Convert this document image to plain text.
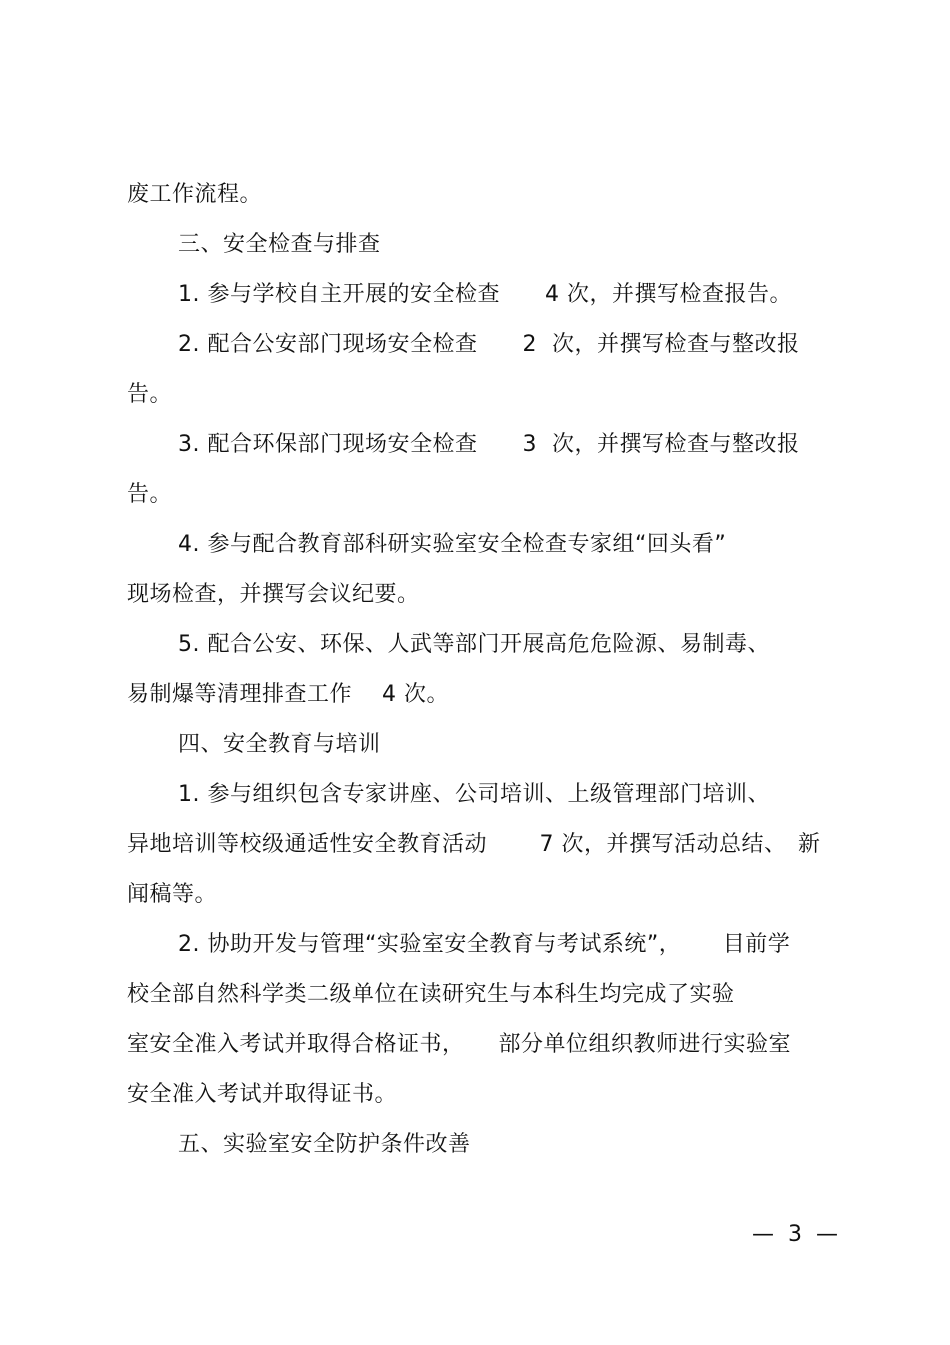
废工作流程。
三、安全检查与排查
1. 参与学校自主开展的安全检查　　4 次，并撰写检查报告。
2. 配合公安部门现场安全检查　　2  次，并撰写检查与整改报
告。
3. 配合环保部门现场安全检查　　3  次，并撰写检查与整改报
告。
4. 参与配合教育部科研实验室安全检查专家组“回头看”
现场检查，并撰写会议纪要。
5. 配合公安、环保、人武等部门开展高危危险源、易制毒、
易制爆等清理排查工作　 4 次。
四、安全教育与培训
1. 参与组织包含专家讲座、公司培训、上级管理部门培训、
异地培训等校级通适性安全教育活动　　 7 次，并撰写活动总结、　新
闻稿等。
2. 协助开发与管理“实验室安全教育与考试系统”，　　 目前学
校全部自然科学类二级单位在读研究生与本科生均完成了实验
室安全准入考试并取得合格证书，　　部分单位组织教师进行实验室
安全准入考试并取得证书。
五、实验室安全防护条件改善
—  3  —
